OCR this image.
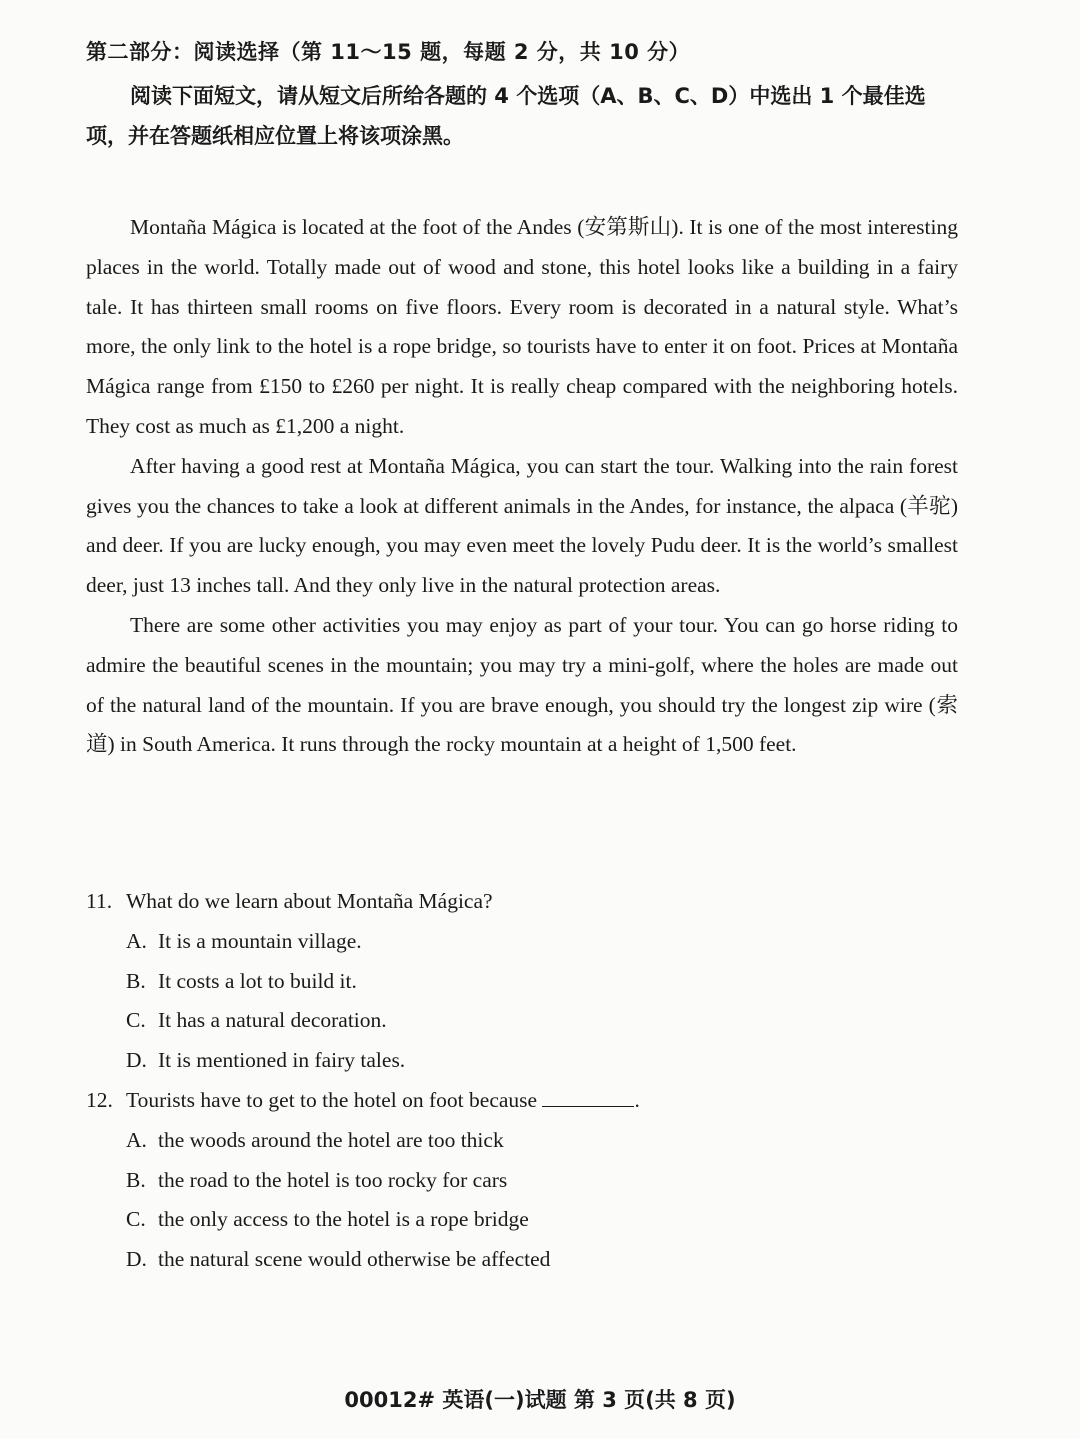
第二部分：阅读选择（第 11～15 题，每题 2 分，共 10 分）
阅读下面短文，请从短文后所给各题的 4 个选项（A、B、C、D）中选出 1 个最佳选项，并在答题纸相应位置上将该项涂黑。

Montaña Mágica is located at the foot of the Andes (安第斯山). It is one of the most interesting places in the world. Totally made out of wood and stone, this hotel looks like a building in a fairy tale. It has thirteen small rooms on five floors. Every room is decorated in a natural style. What’s more, the only link to the hotel is a rope bridge, so tourists have to enter it on foot. Prices at Montaña Mágica range from £150 to £260 per night. It is really cheap compared with the neighboring hotels. They cost as much as £1,200 a night.

After having a good rest at Montaña Mágica, you can start the tour. Walking into the rain forest gives you the chances to take a look at different animals in the Andes, for instance, the alpaca (羊驼) and deer. If you are lucky enough, you may even meet the lovely Pudu deer. It is the world’s smallest deer, just 13 inches tall. And they only live in the natural protection areas.

There are some other activities you may enjoy as part of your tour. You can go horse riding to admire the beautiful scenes in the mountain; you may try a mini-golf, where the holes are made out of the natural land of the mountain. If you are brave enough, you should try the longest zip wire (索道) in South America. It runs through the rocky mountain at a height of 1,500 feet.

11. What do we learn about Montaña Mágica?
A. It is a mountain village.
B. It costs a lot to build it.
C. It has a natural decoration.
D. It is mentioned in fairy tales.
12. Tourists have to get to the hotel on foot because	.
A. the woods around the hotel are too thick
B. the road to the hotel is too rocky for cars
C. the only access to the hotel is a rope bridge
D. the natural scene would otherwise be affected
00012# 英语(一)试题 第 3 页(共 8 页)
